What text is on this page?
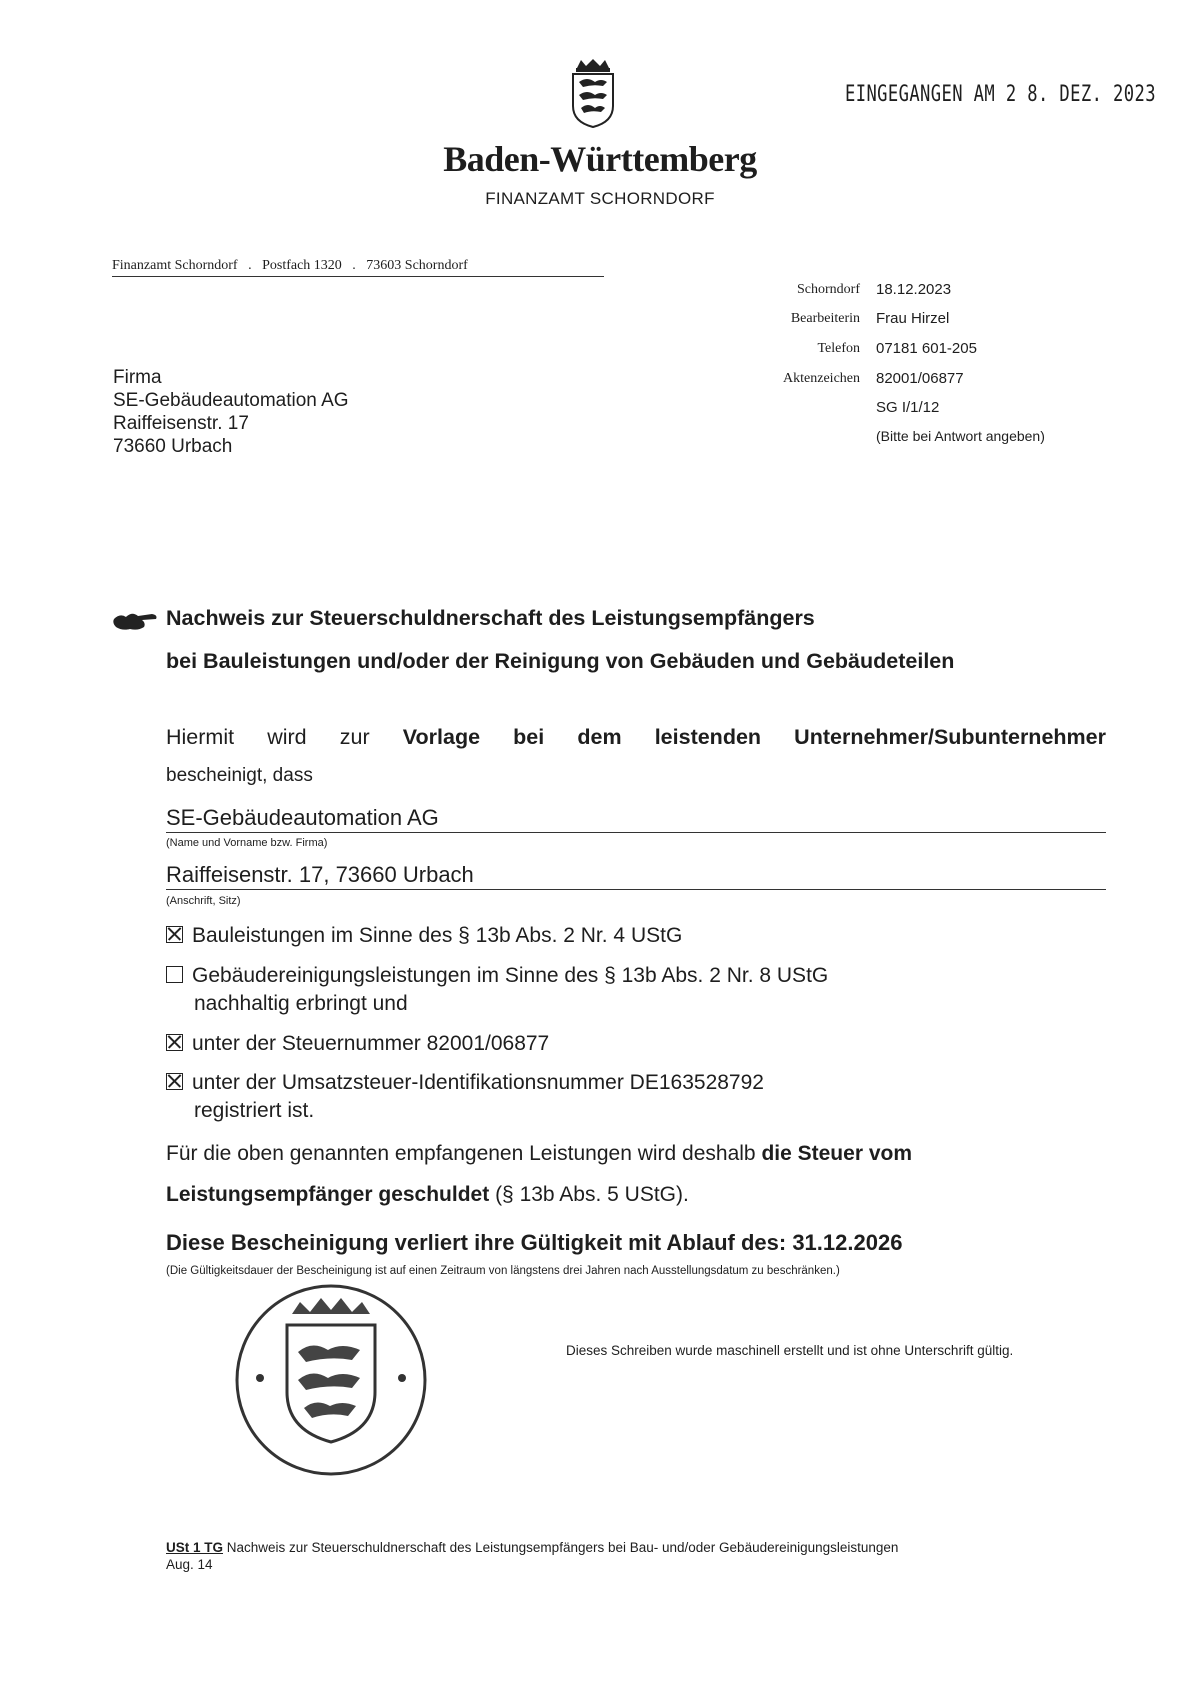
Baden-Württemberg
FINANZAMT SCHORNDORF
EINGEGANGEN AM 2 8. DEZ. 2023
Finanzamt Schorndorf   .   Postfach 1320   .   73603 Schorndorf
Schorndorf 18.12.2023
Bearbeiterin Frau Hirzel
Telefon 07181 601-205
Aktenzeichen 82001/06877
SG I/1/12
(Bitte bei Antwort angeben)
Firma
SE-Gebäudeautomation AG
Raiffeisenstr. 17
73660 Urbach
Nachweis zur Steuerschuldnerschaft des Leistungsempfängers
bei Bauleistungen und/oder der Reinigung von Gebäuden und Gebäudeteilen
Hiermit wird zur Vorlage bei dem leistenden Unternehmer/Subunternehmer
bescheinigt, dass
SE-Gebäudeautomation AG
(Name und Vorname bzw. Firma)
Raiffeisenstr. 17, 73660 Urbach
(Anschrift, Sitz)
Bauleistungen im Sinne des § 13b Abs. 2 Nr. 4 UStG
Gebäudereinigungsleistungen im Sinne des § 13b Abs. 2 Nr. 8 UStG
nachhaltig erbringt und
unter der Steuernummer 82001/06877
unter der Umsatzsteuer-Identifikationsnummer DE163528792
registriert ist.
Für die oben genannten empfangenen Leistungen wird deshalb die Steuer vom Leistungsempfänger geschuldet (§ 13b Abs. 5 UStG).
Diese Bescheinigung verliert ihre Gültigkeit mit Ablauf des: 31.12.2026
(Die Gültigkeitsdauer der Bescheinigung ist auf einen Zeitraum von längstens drei Jahren nach Ausstellungsdatum zu beschränken.)
Dieses Schreiben wurde maschinell erstellt und ist ohne Unterschrift gültig.
USt 1 TG Nachweis zur Steuerschuldnerschaft des Leistungsempfängers bei Bau- und/oder Gebäudereinigungsleistungen
Aug. 14
